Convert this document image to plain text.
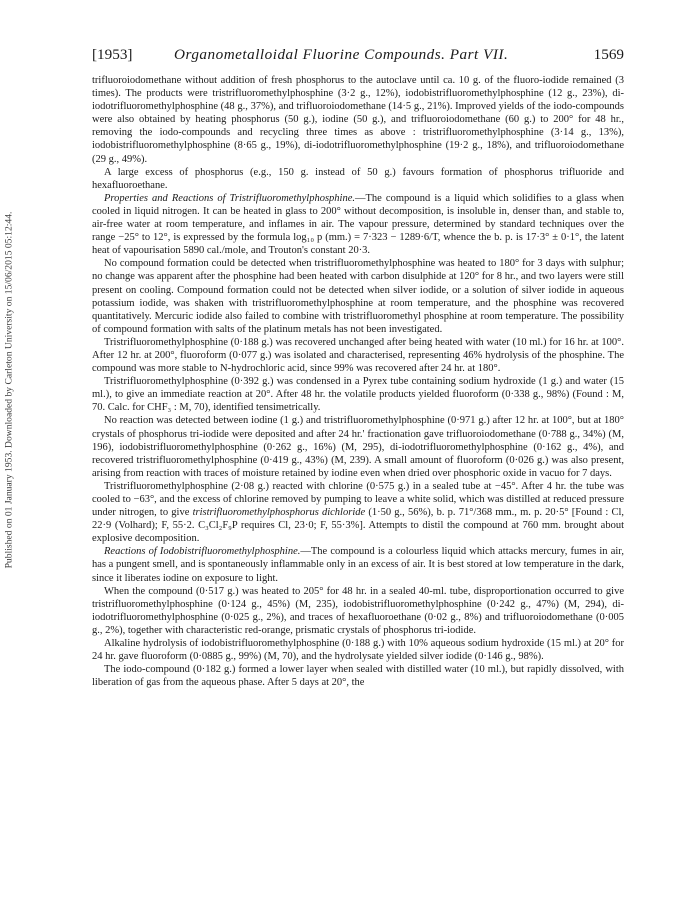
Published on 01 January 1953. Downloaded by Carleton University on 15/06/2015 05:12:44.
[1953]	Organometalloidal Fluorine Compounds. Part VII.	1569

trifluoroiodomethane without addition of fresh phosphorus to the autoclave until ca. 10 g. of the fluoro-iodide remained (3 times). The products were tristrifluoromethylphosphine (3·2 g., 12%), iodobistrifluoromethylphosphine (12 g., 23%), di-iodotrifluoromethylphosphine (48 g., 37%), and trifluoroiodomethane (14·5 g., 21%). Improved yields of the iodo-compounds were also obtained by heating phosphorus (50 g.), iodine (50 g.), and trifluoroiodomethane (60 g.) to 200° for 48 hr., removing the iodo-compounds and recycling three times as above : tristrifluoromethylphosphine (3·14 g., 13%), iodobistrifluoromethylphosphine (8·65 g., 19%), di-iodotrifluoromethylphosphine (19·2 g., 18%), and trifluoroiodomethane (29 g., 49%).

A large excess of phosphorus (e.g., 150 g. instead of 50 g.) favours formation of phosphorus trifluoride and hexafluoroethane.

Properties and Reactions of Tristrifluoromethylphosphine.—The compound is a liquid which solidifies to a glass when cooled in liquid nitrogen. It can be heated in glass to 200° without decomposition, is insoluble in, denser than, and stable to, air-free water at room temperature, and inflames in air. The vapour pressure, determined by standard techniques over the range −25° to 12°, is expressed by the formula log₁₀ p (mm.) = 7·323 − 1289·6/T, whence the b. p. is 17·3° ± 0·1°, the latent heat of vapourisation 5890 cal./mole, and Trouton's constant 20·3.

No compound formation could be detected when tristrifluoromethylphosphine was heated to 180° for 3 days with sulphur; no change was apparent after the phosphine had been heated with carbon disulphide at 120° for 8 hr., and two layers were still present on cooling. Compound formation could not be detected when silver iodide, or a solution of silver iodide in aqueous potassium iodide, was shaken with tristrifluoromethylphosphine at room temperature, and the phosphine was recovered quantitatively. Mercuric iodide also failed to combine with tristrifluoromethyl phosphine at room temperature. The possibility of compound formation with salts of the platinum metals has not been investigated.

Tristrifluoromethylphosphine (0·188 g.) was recovered unchanged after being heated with water (10 ml.) for 16 hr. at 100°. After 12 hr. at 200°, fluoroform (0·077 g.) was isolated and characterised, representing 46% hydrolysis of the phosphine. The compound was more stable to N-hydrochloric acid, since 99% was recovered after 24 hr. at 180°.

Tristrifluoromethylphosphine (0·392 g.) was condensed in a Pyrex tube containing sodium hydroxide (1 g.) and water (15 ml.), to give an immediate reaction at 20°. After 48 hr. the volatile products yielded fluoroform (0·338 g., 98%) (Found : M, 70. Calc. for CHF₃ : M, 70), identified tensimetrically.

No reaction was detected between iodine (1 g.) and tristrifluoromethylphosphine (0·971 g.) after 12 hr. at 100°, but at 180° crystals of phosphorus tri-iodide were deposited and after 24 hr.' fractionation gave trifluoroiodomethane (0·788 g., 34%) (M, 196), iodobistrifluoromethylphosphine (0·262 g., 16%) (M, 295), di-iodotrifluoromethylphosphine (0·162 g., 4%), and recovered tristrifluoromethylphosphine (0·419 g., 43%) (M, 239). A small amount of fluoroform (0·026 g.) was also present, arising from reaction with traces of moisture retained by iodine even when dried over phosphoric oxide in vacuo for 7 days.

Tristrifluoromethylphosphine (2·08 g.) reacted with chlorine (0·575 g.) in a sealed tube at −45°. After 4 hr. the tube was cooled to −63°, and the excess of chlorine removed by pumping to leave a white solid, which was distilled at reduced pressure under nitrogen, to give tristrifluoromethylphosphorus dichloride (1·50 g., 56%), b. p. 71°/368 mm., m. p. 20·5° [Found : Cl, 22·9 (Volhard); F, 55·2. C₃Cl₂F₉P requires Cl, 23·0; F, 55·3%]. Attempts to distil the compound at 760 mm. brought about explosive decomposition.

Reactions of Iodobistrifluoromethylphosphine.—The compound is a colourless liquid which attacks mercury, fumes in air, has a pungent smell, and is spontaneously inflammable only in an excess of air. It is best stored at low temperature in the dark, since it liberates iodine on exposure to light.

When the compound (0·517 g.) was heated to 205° for 48 hr. in a sealed 40-ml. tube, disproportionation occurred to give tristrifluoromethylphosphine (0·124 g., 45%) (M, 235), iodobistrifluoromethylphosphine (0·242 g., 47%) (M, 294), di-iodotrifluoromethylphosphine (0·025 g., 2%), and traces of hexafluoroethane (0·02 g., 8%) and trifluoroiodomethane (0·005 g., 2%), together with characteristic red-orange, prismatic crystals of phosphorus tri-iodide.

Alkaline hydrolysis of iodobistrifluoromethylphosphine (0·188 g.) with 10% aqueous sodium hydroxide (15 ml.) at 20° for 24 hr. gave fluoroform (0·0885 g., 99%) (M, 70), and the hydrolysate yielded silver iodide (0·146 g., 98%).

The iodo-compound (0·182 g.) formed a lower layer when sealed with distilled water (10 ml.), but rapidly dissolved, with liberation of gas from the aqueous phase. After 5 days at 20°, the
